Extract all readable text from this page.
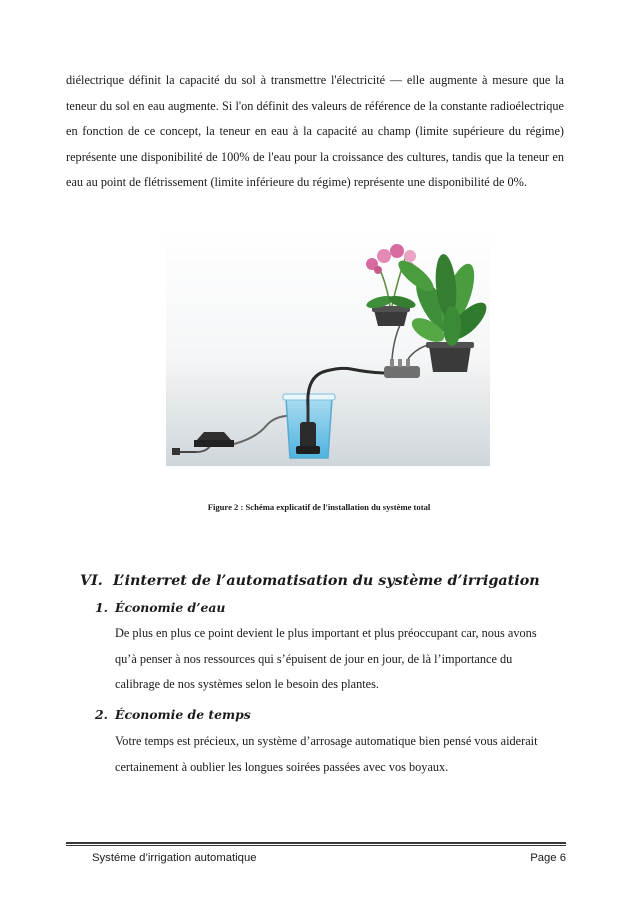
diélectrique définit la capacité du sol à transmettre l'électricité — elle augmente à mesure que la teneur du sol en eau augmente. Si l'on définit des valeurs de référence de la constante radioélectrique en fonction de ce concept, la teneur en eau à la capacité au champ (limite supérieure du régime) représente une disponibilité de 100% de l'eau pour la croissance des cultures, tandis que la teneur en eau au point de flétrissement (limite inférieure du régime) représente une disponibilité de 0%.

Figure 2 : Schéma explicatif de l'installation du système total

VI. L’interret de l’automatisation du système d’irrigation
1. Économie d’eau

De plus en plus ce point devient le plus important et plus préoccupant car, nous avons qu’à penser à nos ressources qui s’épuisent de jour en jour, de là l’importance du calibrage de nos systèmes selon le besoin des plantes.

2. Économie de temps

Votre temps est précieux, un système d’arrosage automatique bien pensé vous aiderait certainement à oublier les longues soirées passées avec vos boyaux.

Systéme d’irrigation automatique	Page 6
